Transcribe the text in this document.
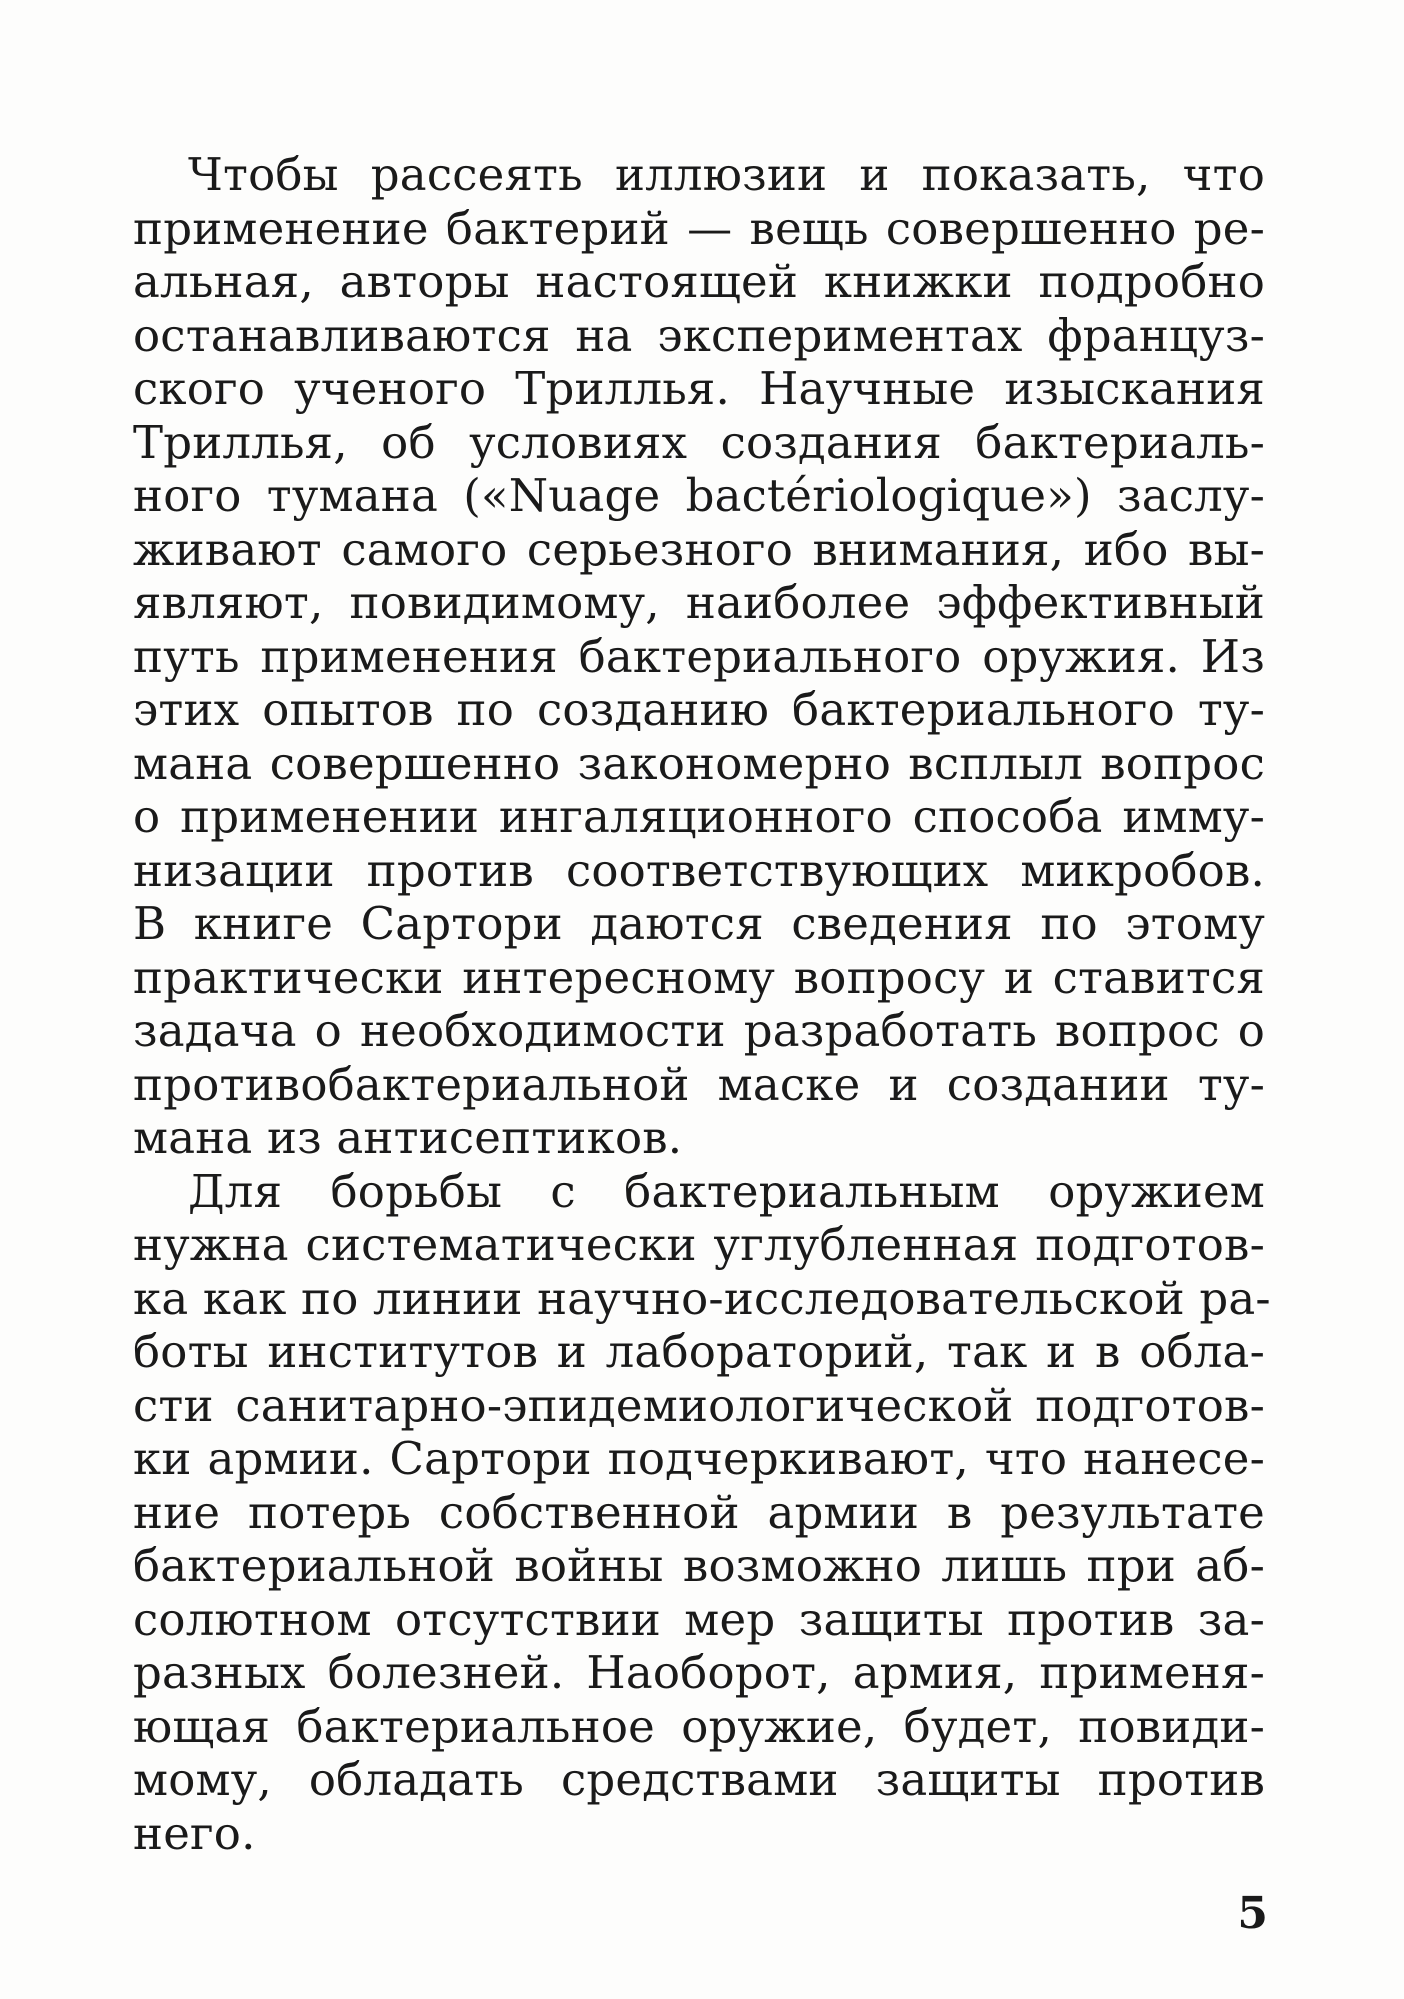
Чтобы рассеять иллюзии и показать, что
применение бактерий — вещь совершенно ре-
альная, авторы настоящей книжки подробно
останавливаются на экспериментах француз-
ского ученого Триллья. Научные изыскания
Триллья, об условиях создания бактериаль-
ного тумана («Nuage bactériologique») заслу-
живают самого серьезного внимания, ибо вы-
являют, повидимому, наиболее эффективный
путь применения бактериального оружия. Из
этих опытов по созданию бактериального ту-
мана совершенно закономерно всплыл вопрос
о применении ингаляционного способа имму-
низации против соответствующих микробов.
В книге Сартори даются сведения по этому
практически интересному вопросу и ставится
задача о необходимости разработать вопрос о
противобактериальной маске и создании ту-
мана из антисептиков.
Для борьбы с бактериальным оружием
нужна систематически углубленная подготов-
ка как по линии научно-исследовательской ра-
боты институтов и лабораторий, так и в обла-
сти санитарно-эпидемиологической подготов-
ки армии. Сартори подчеркивают, что нанесе-
ние потерь собственной армии в результате
бактериальной войны возможно лишь при аб-
солютном отсутствии мер защиты против за-
разных болезней. Наоборот, армия, применя-
ющая бактериальное оружие, будет, повиди-
мому, обладать средствами защиты против
него.
5
